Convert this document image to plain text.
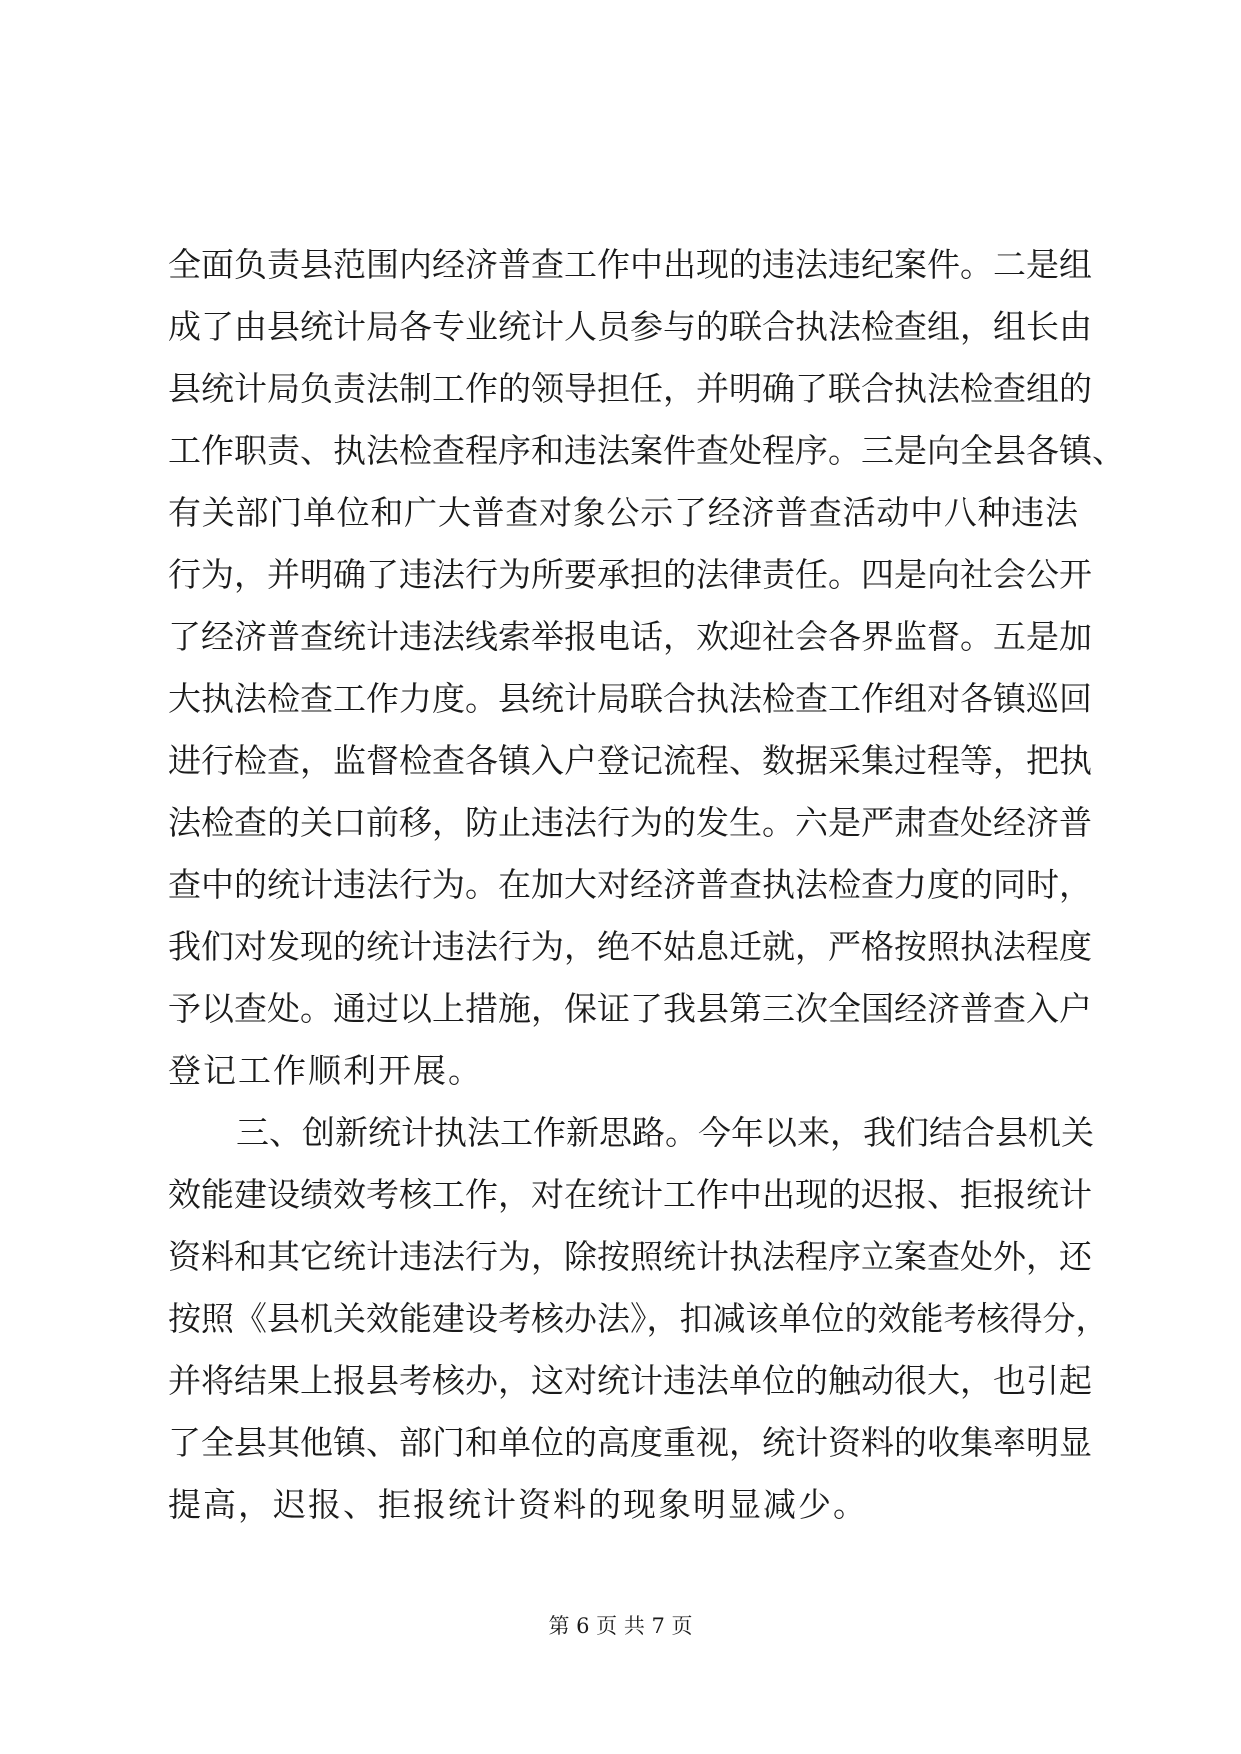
全面负责县范围内经济普查工作中出现的违法违纪案件。二是组
成了由县统计局各专业统计人员参与的联合执法检查组，组长由
县统计局负责法制工作的领导担任，并明确了联合执法检查组的
工作职责、执法检查程序和违法案件查处程序。三是向全县各镇、
有关部门单位和广大普查对象公示了经济普查活动中八种违法
行为，并明确了违法行为所要承担的法律责任。四是向社会公开
了经济普查统计违法线索举报电话，欢迎社会各界监督。五是加
大执法检查工作力度。县统计局联合执法检查工作组对各镇巡回
进行检查，监督检查各镇入户登记流程、数据采集过程等，把执
法检查的关口前移，防止违法行为的发生。六是严肃查处经济普
查中的统计违法行为。在加大对经济普查执法检查力度的同时，
我们对发现的统计违法行为，绝不姑息迁就，严格按照执法程度
予以查处。通过以上措施，保证了我县第三次全国经济普查入户
登记工作顺利开展。
三、创新统计执法工作新思路。今年以来，我们结合县机关
效能建设绩效考核工作，对在统计工作中出现的迟报、拒报统计
资料和其它统计违法行为，除按照统计执法程序立案查处外，还
按照《县机关效能建设考核办法》，扣减该单位的效能考核得分，
并将结果上报县考核办，这对统计违法单位的触动很大，也引起
了全县其他镇、部门和单位的高度重视，统计资料的收集率明显
提高，迟报、拒报统计资料的现象明显减少。
第 6 页 共 7 页
